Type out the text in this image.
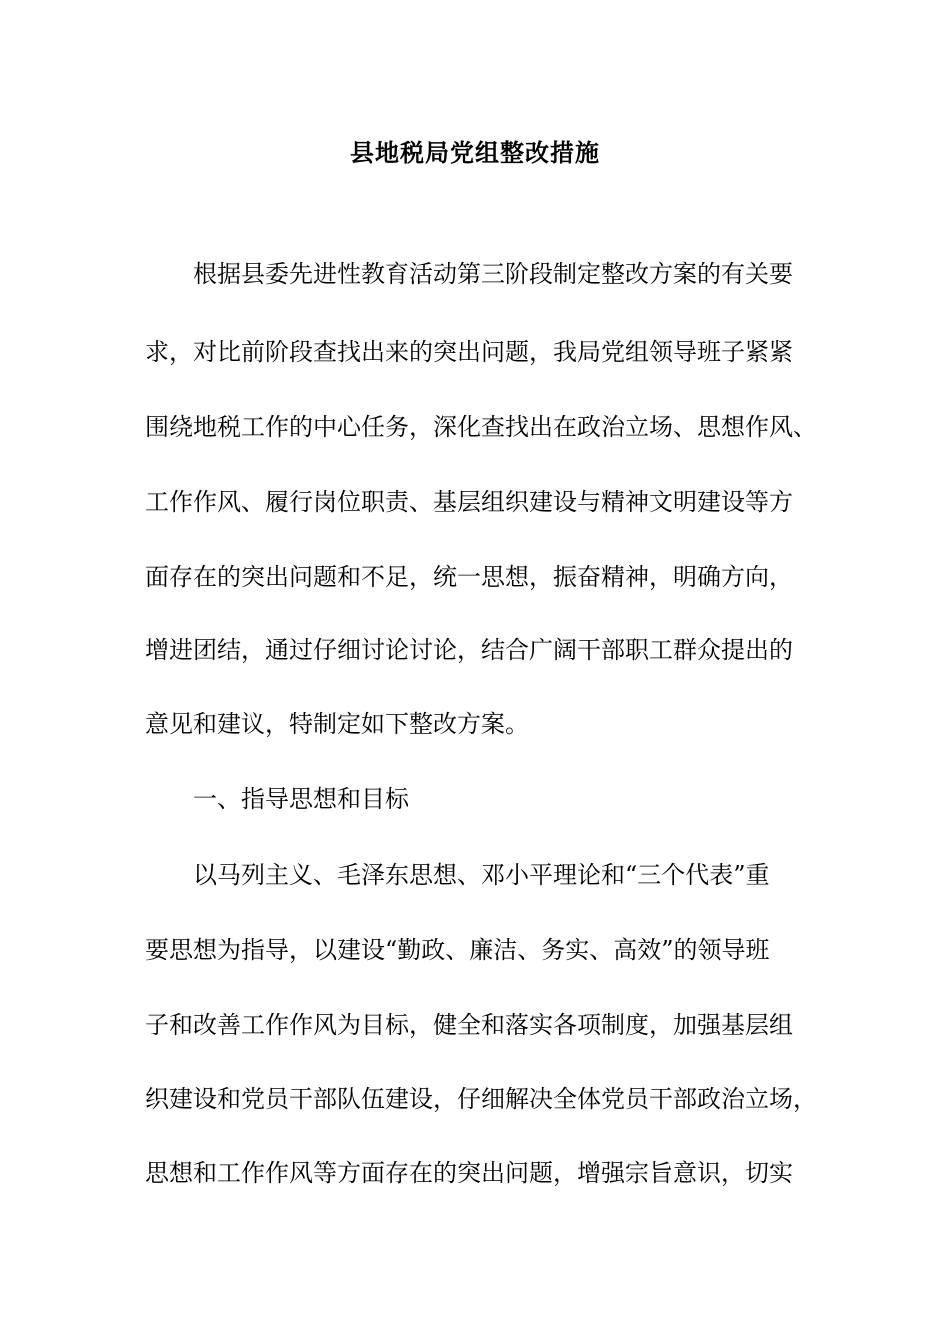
县地税局党组整改措施
根据县委先进性教育活动第三阶段制定整改方案的有关要
求，对比前阶段查找出来的突出问题，我局党组领导班子紧紧
围绕地税工作的中心任务，深化查找出在政治立场、思想作风、
工作作风、履行岗位职责、基层组织建设与精神文明建设等方
面存在的突出问题和不足，统一思想，振奋精神，明确方向，
增进团结，通过仔细讨论讨论，结合广阔干部职工群众提出的
意见和建议，特制定如下整改方案。
一、指导思想和目标
以马列主义、毛泽东思想、邓小平理论和“三个代表”重
要思想为指导，以建设“勤政、廉洁、务实、高效”的领导班
子和改善工作作风为目标，健全和落实各项制度，加强基层组
织建设和党员干部队伍建设，仔细解决全体党员干部政治立场，
思想和工作作风等方面存在的突出问题，增强宗旨意识，切实
